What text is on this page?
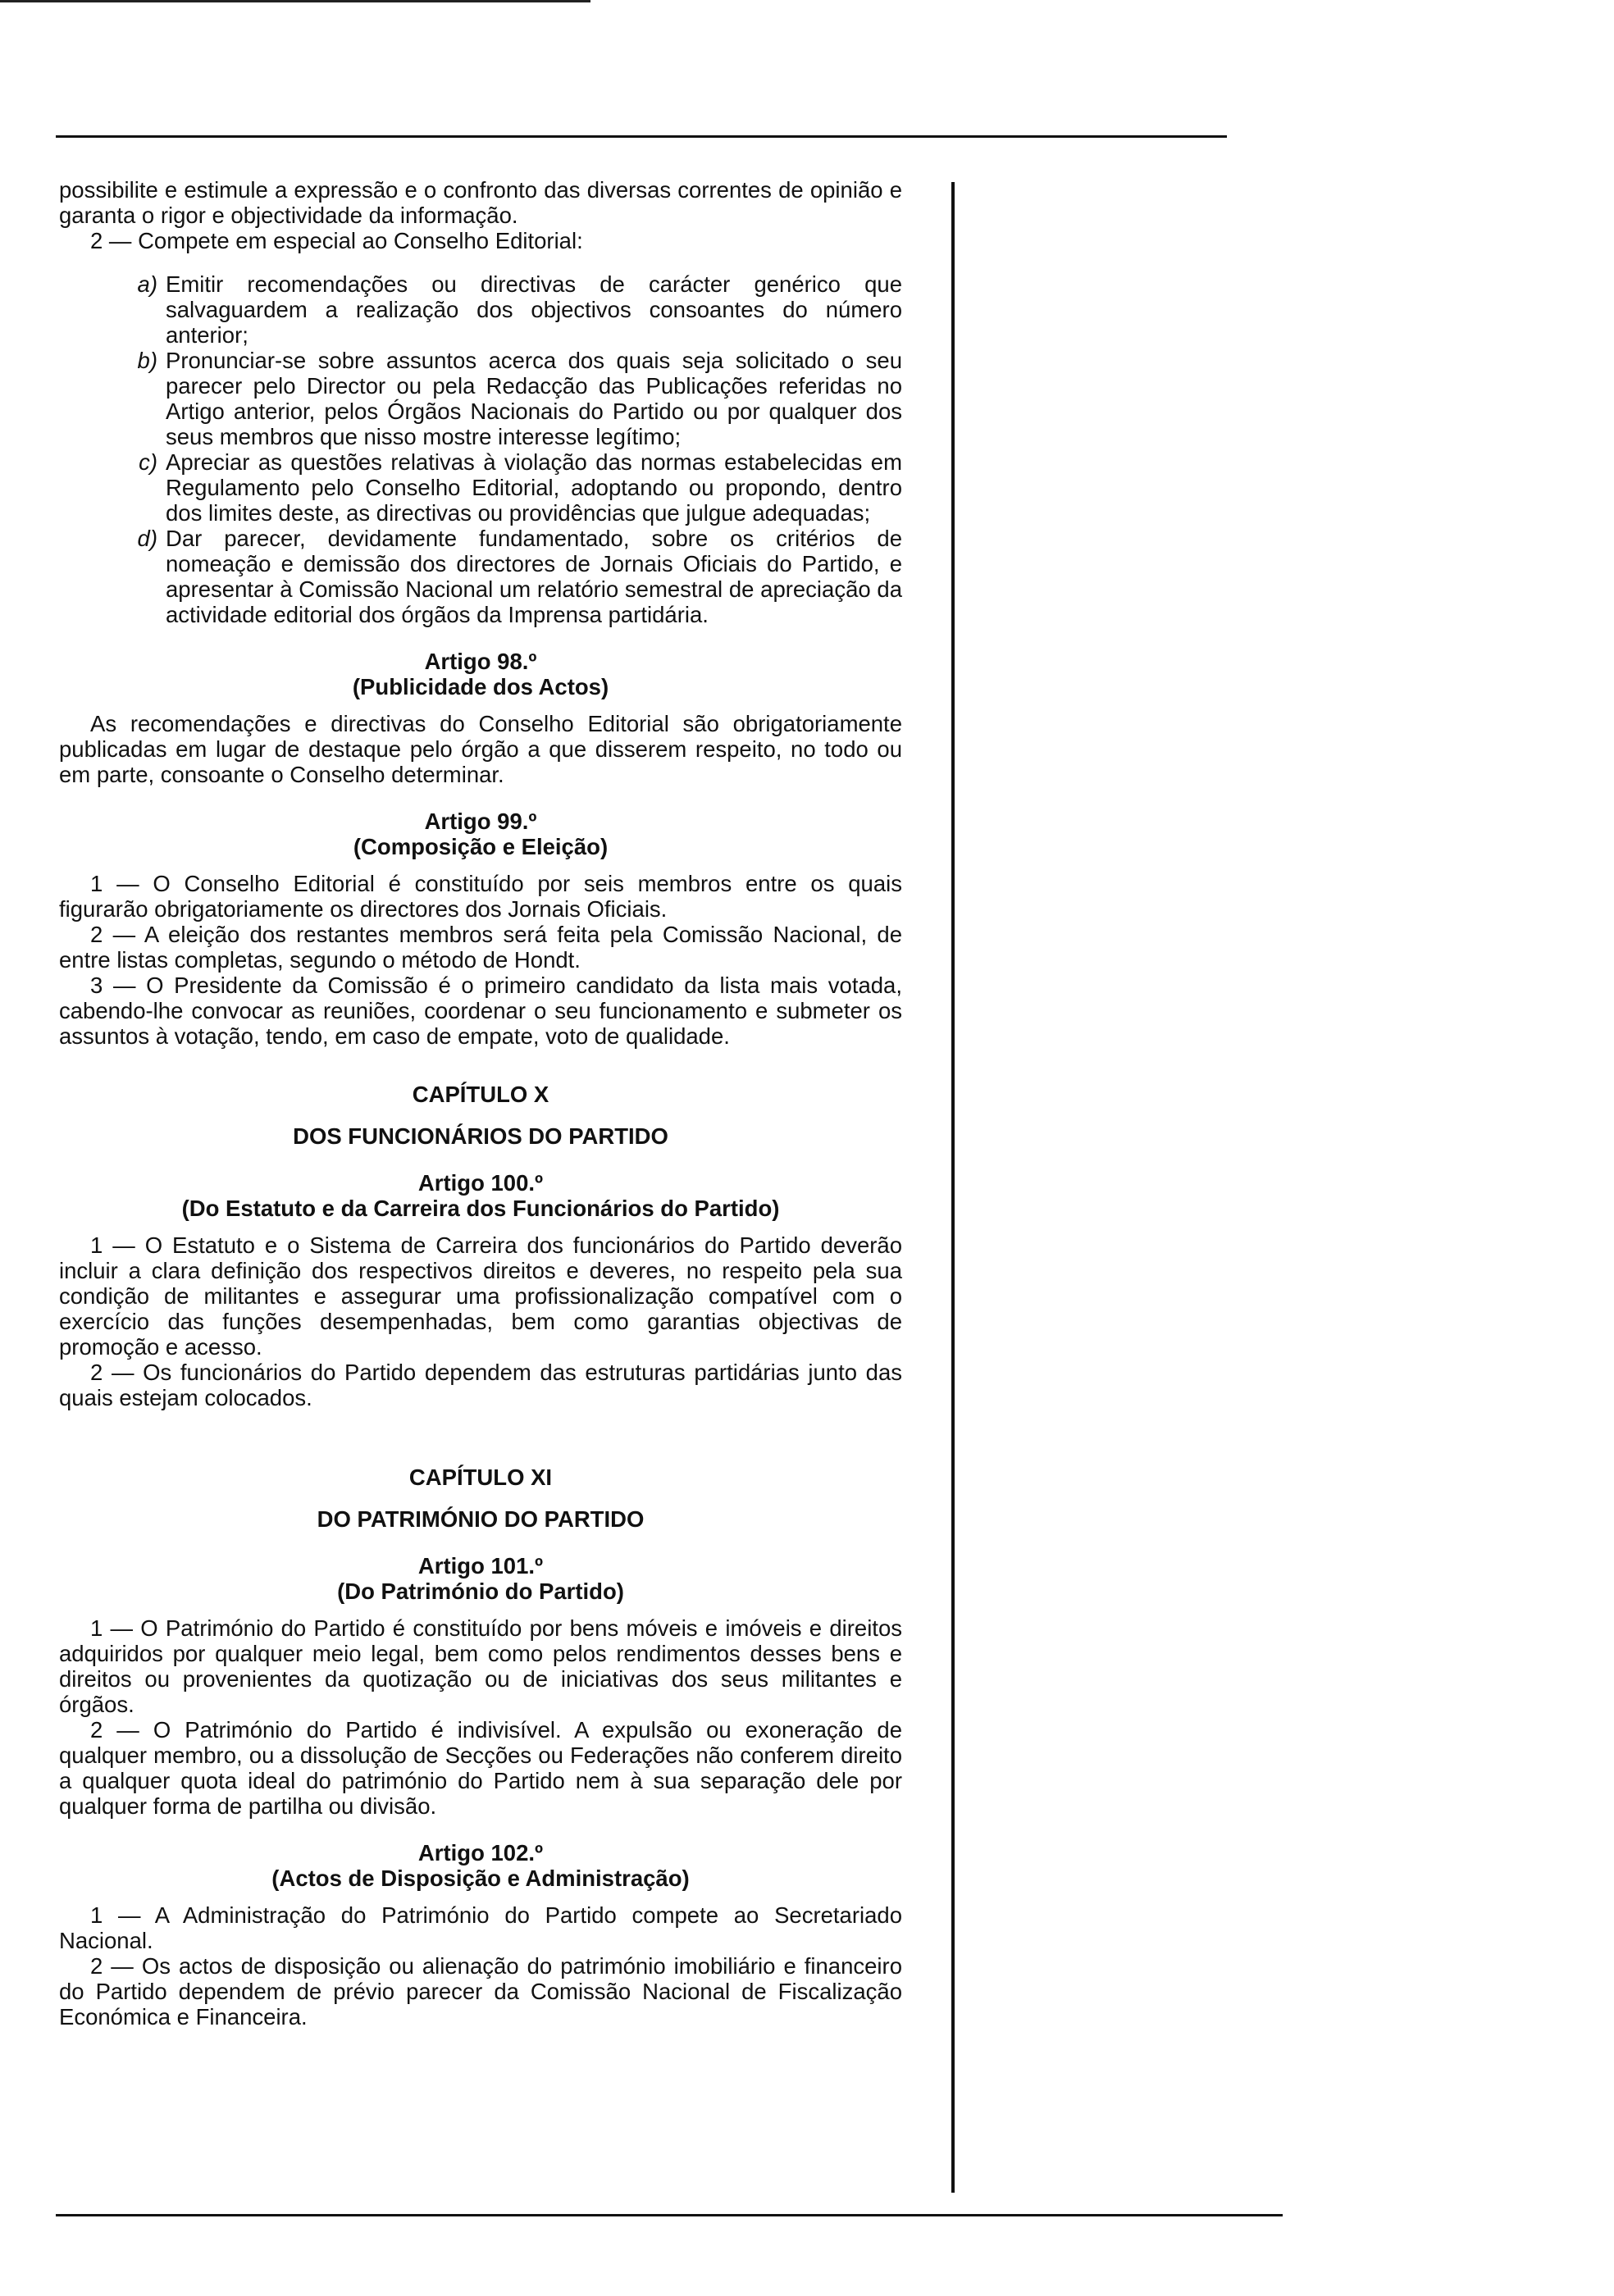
possibilite e estimule a expressão e o confronto das diversas correntes de opinião e garanta o rigor e objectividade da informação.

2 — Compete em especial ao Conselho Editorial:

a) Emitir recomendações ou directivas de carácter genérico que salvaguardem a realização dos objectivos consoantes do número anterior;
b) Pronunciar-se sobre assuntos acerca dos quais seja solicitado o seu parecer pelo Director ou pela Redacção das Publicações referidas no Artigo anterior, pelos Órgãos Nacionais do Partido ou por qualquer dos seus membros que nisso mostre interesse legítimo;
c) Apreciar as questões relativas à violação das normas estabelecidas em Regulamento pelo Conselho Editorial, adoptando ou propondo, dentro dos limites deste, as directivas ou providências que julgue adequadas;
d) Dar parecer, devidamente fundamentado, sobre os critérios de nomeação e demissão dos directores de Jornais Oficiais do Partido, e apresentar à Comissão Nacional um relatório semestral de apreciação da actividade editorial dos órgãos da Imprensa partidária.
Artigo 98.º
(Publicidade dos Actos)

As recomendações e directivas do Conselho Editorial são obrigatoriamente publicadas em lugar de destaque pelo órgão a que disserem respeito, no todo ou em parte, consoante o Conselho determinar.

Artigo 99.º
(Composição e Eleição)

1 — O Conselho Editorial é constituído por seis membros entre os quais figurarão obrigatoriamente os directores dos Jornais Oficiais.

2 — A eleição dos restantes membros será feita pela Comissão Nacional, de entre listas completas, segundo o método de Hondt.

3 — O Presidente da Comissão é o primeiro candidato da lista mais votada, cabendo-lhe convocar as reuniões, coordenar o seu funcionamento e submeter os assuntos à votação, tendo, em caso de empate, voto de qualidade.

CAPÍTULO X
DOS FUNCIONÁRIOS DO PARTIDO
Artigo 100.º
(Do Estatuto e da Carreira dos Funcionários do Partido)

1 — O Estatuto e o Sistema de Carreira dos funcionários do Partido deverão incluir a clara definição dos respectivos direitos e deveres, no respeito pela sua condição de militantes e assegurar uma profissionalização compatível com o exercício das funções desempenhadas, bem como garantias objectivas de promoção e acesso.

2 — Os funcionários do Partido dependem das estruturas partidárias junto das quais estejam colocados.

CAPÍTULO XI
DO PATRIMÓNIO DO PARTIDO
Artigo 101.º
(Do Património do Partido)

1 — O Património do Partido é constituído por bens móveis e imóveis e direitos adquiridos por qualquer meio legal, bem como pelos rendimentos desses bens e direitos ou provenientes da quotização ou de iniciativas dos seus militantes e órgãos.

2 — O Património do Partido é indivisível. A expulsão ou exoneração de qualquer membro, ou a dissolução de Secções ou Federações não conferem direito a qualquer quota ideal do património do Partido nem à sua separação dele por qualquer forma de partilha ou divisão.

Artigo 102.º
(Actos de Disposição e Administração)

1 — A Administração do Património do Partido compete ao Secretariado Nacional.

2 — Os actos de disposição ou alienação do património imobiliário e financeiro do Partido dependem de prévio parecer da Comissão Nacional de Fiscalização Económica e Financeira.
